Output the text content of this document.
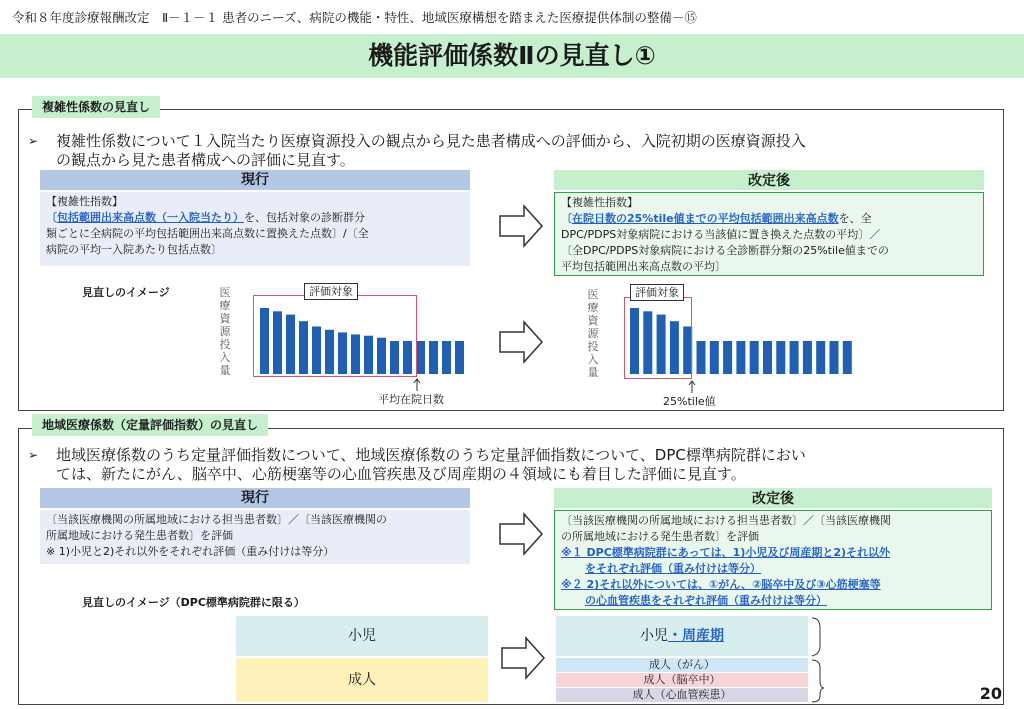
令和８年度診療報酬改定　Ⅱ－１－１ 患者のニーズ、病院の機能・特性、地域医療構想を踏まえた医療提供体制の整備－⑮
機能評価係数Ⅱの見直し①
複雑性係数の見直し
➢ 複雑性係数について１入院当たり医療資源投入の観点から見た患者構成への評価から、入院初期の医療資源投入
の観点から見た患者構成への評価に見直す。
現行	改定後
【複雑性指数】
〔包括範囲出来高点数（一入院当たり）を、包括対象の診断群分
類ごとに全病院の平均包括範囲出来高点数に置換えた点数〕/〔全
病院の平均一入院あたり包括点数〕
【複雑性指数】
〔在院日数の25%tile値までの平均包括範囲出来高点数を、全
DPC/PDPS対象病院における当該値に置き換えた点数の平均〕／
〔全DPC/PDPS対象病院における全診断群分類の25%tile値までの
平均包括範囲出来高点数の平均〕
見直しのイメージ	医
療
資
源
投
入
量
評価対象
平均在院日数
医
療
資
源
投
入
量
評価対象
25%tile値
地域医療係数（定量評価指数）の見直し
➢ 地域医療係数のうち定量評価指数について、地域医療係数のうち定量評価指数について、DPC標準病院群におい
ては、新たにがん、脳卒中、心筋梗塞等の心血管疾患及び周産期の４領域にも着目した評価に見直す。
現行	改定後
〔当該医療機関の所属地域における担当患者数〕／〔当該医療機関の
所属地域における発生患者数〕を評価
※ 1)小児と2)それ以外をそれぞれ評価（重み付けは等分）
〔当該医療機関の所属地域における担当患者数〕／〔当該医療機関
の所属地域における発生患者数〕を評価
※１ DPC標準病院群にあっては、1)小児及び周産期と2)それ以外
をそれぞれ評価（重み付けは等分）
※２ 2)それ以外については、①がん、②脳卒中及び③心筋梗塞等
の心血管疾患をそれぞれ評価（重み付けは等分）
見直しのイメージ（DPC標準病院群に限る）
小児
成人
小児・周産期
成人（がん）
成人（脳卒中）
成人（心血管疾患）	20
